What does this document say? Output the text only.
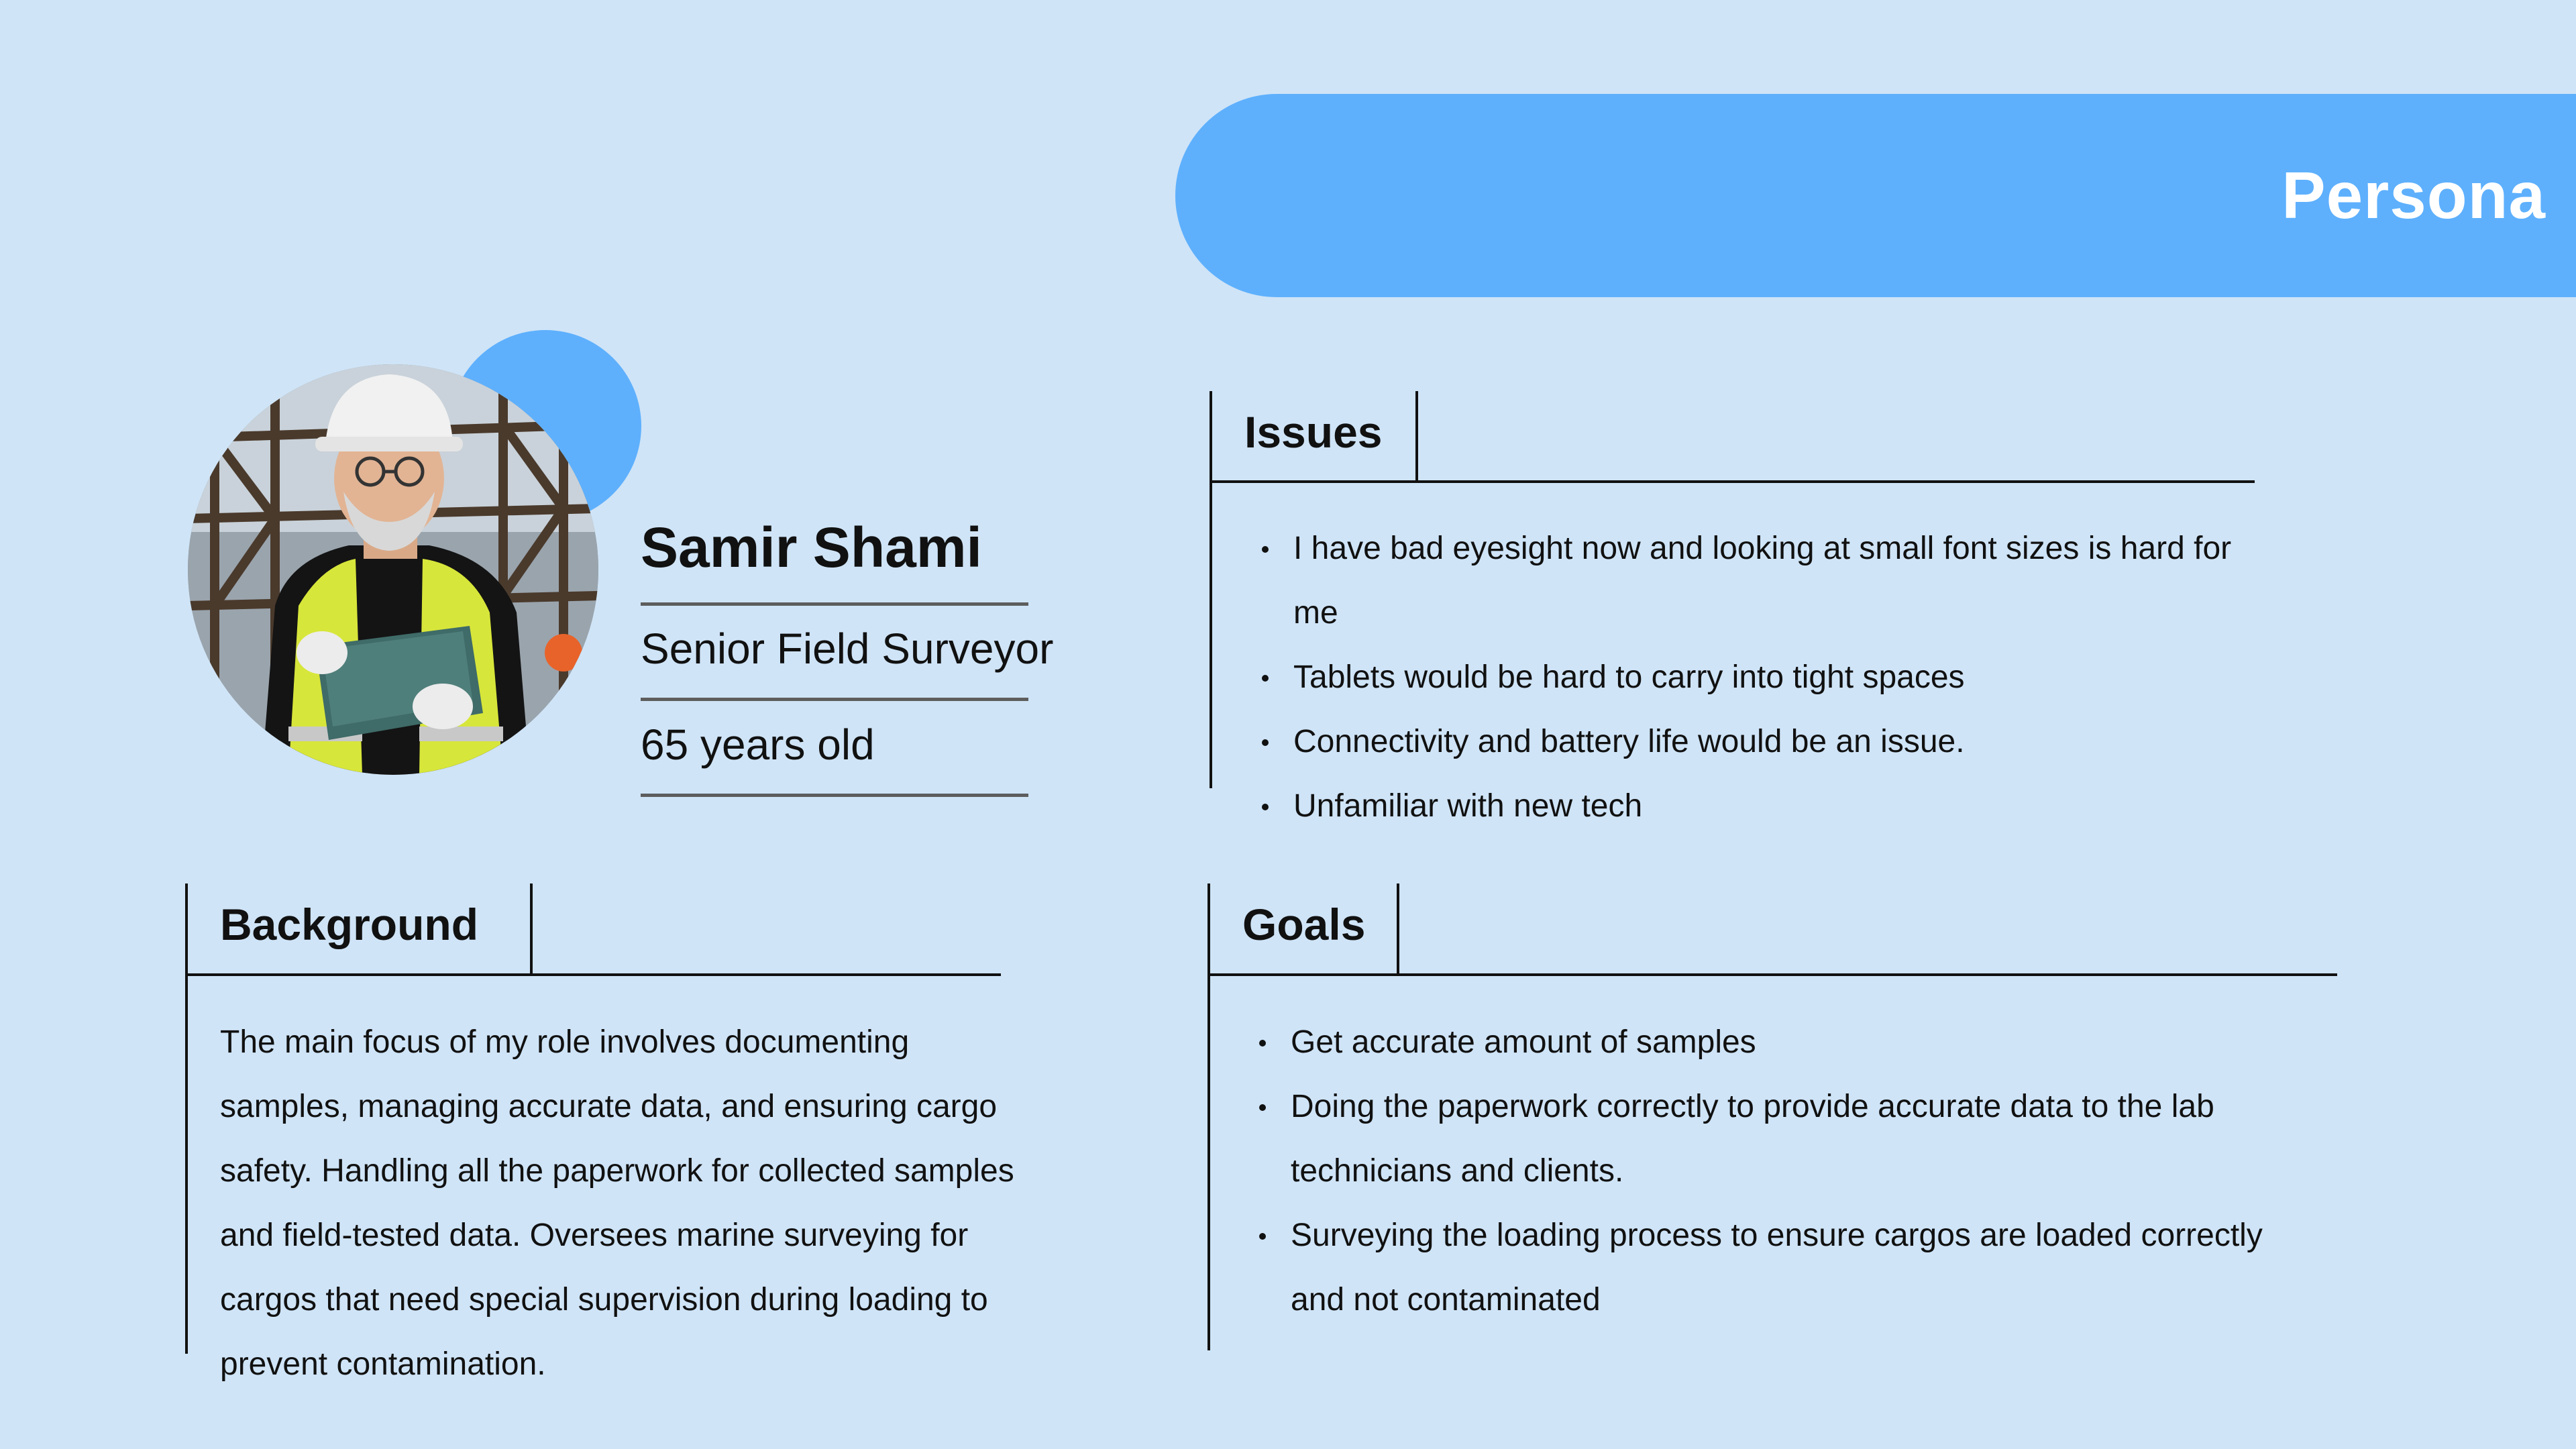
Persona
Samir Shami
Senior Field Surveyor
65 years old
Issues
I have bad eyesight now and looking at small font sizes is hard for me
Tablets would be hard to carry into tight spaces
Connectivity and battery life would be an issue.
Unfamiliar with new tech
Background
The main focus of my role involves documenting samples, managing accurate data, and ensuring cargo safety. Handling all the paperwork for collected samples and field-tested data. Oversees marine surveying for cargos that need special supervision during loading to prevent contamination.
Goals
Get accurate amount of samples
Doing the paperwork correctly to provide accurate data to the lab technicians and clients.
Surveying the loading process to ensure cargos are loaded correctly and not contaminated
